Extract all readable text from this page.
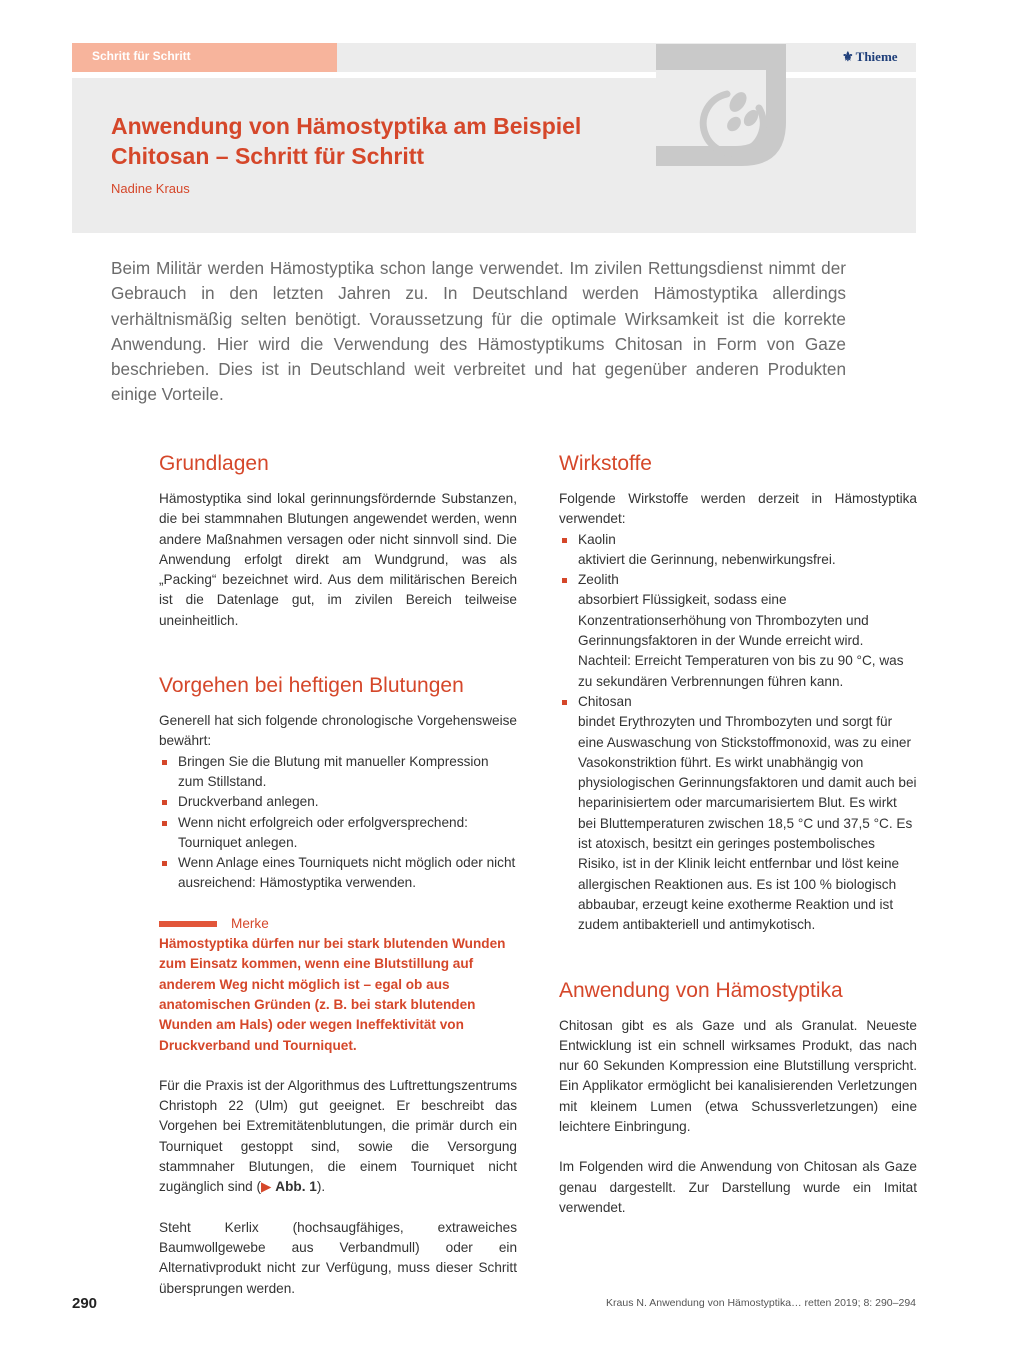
Schritt für Schritt	⚜ Thieme
Anwendung von Hämostyptika am Beispiel Chitosan – Schritt für Schritt
Nadine Kraus

Beim Militär werden Hämostyptika schon lange verwendet. Im zivilen Rettungsdienst nimmt der Gebrauch in den letzten Jahren zu. In Deutschland werden Hämostyptika allerdings verhältnismäßig selten benötigt. Voraussetzung für die optimale Wirksamkeit ist die korrekte Anwendung. Hier wird die Verwendung des Hämostyptikums Chitosan in Form von Gaze beschrieben. Dies ist in Deutschland weit verbreitet und hat gegenüber anderen Produkten einige Vorteile.

Grundlagen

Hämostyptika sind lokal gerinnungsfördernde Substanzen, die bei stammnahen Blutungen angewendet werden, wenn andere Maßnahmen versagen oder nicht sinnvoll sind. Die Anwendung erfolgt direkt am Wundgrund, was als „Packing“ bezeichnet wird. Aus dem militärischen Bereich ist die Datenlage gut, im zivilen Bereich teilweise uneinheitlich.

Vorgehen bei heftigen Blutungen

Generell hat sich folgende chronologische Vorgehensweise bewährt:

Bringen Sie die Blutung mit manueller Kompression zum Stillstand.
Druckverband anlegen.
Wenn nicht erfolgreich oder erfolgversprechend: Tourniquet anlegen.
Wenn Anlage eines Tourniquets nicht möglich oder nicht ausreichend: Hämostyptika verwenden.
Merke

Hämostyptika dürfen nur bei stark blutenden Wunden zum Einsatz kommen, wenn eine Blutstillung auf anderem Weg nicht möglich ist – egal ob aus anatomischen Gründen (z. B. bei stark blutenden Wunden am Hals) oder wegen Ineffektivität von Druckverband und Tourniquet.

Für die Praxis ist der Algorithmus des Luftrettungszentrums Christoph 22 (Ulm) gut geeignet. Er beschreibt das Vorgehen bei Extremitätenblutungen, die primär durch ein Tourniquet gestoppt sind, sowie die Versorgung stammnaher Blutungen, die einem Tourniquet nicht zugänglich sind (▶ Abb. 1).

Steht Kerlix (hochsaugfähiges, extraweiches Baumwollgewebe aus Verbandmull) oder ein Alternativprodukt nicht zur Verfügung, muss dieser Schritt übersprungen werden.

Wirkstoffe

Folgende Wirkstoffe werden derzeit in Hämostyptika verwendet:

Kaolin
aktiviert die Gerinnung, nebenwirkungsfrei.
Zeolith
absorbiert Flüssigkeit, sodass eine Konzentrationserhöhung von Thrombozyten und Gerinnungsfaktoren in der Wunde erreicht wird. Nachteil: Erreicht Temperaturen von bis zu 90 °C, was zu sekundären Verbrennungen führen kann.
Chitosan
bindet Erythrozyten und Thrombozyten und sorgt für eine Auswaschung von Stickstoffmonoxid, was zu einer Vasokonstriktion führt. Es wirkt unabhängig von physiologischen Gerinnungsfaktoren und damit auch bei heparinisiertem oder marcumarisiertem Blut. Es wirkt bei Bluttemperaturen zwischen 18,5 °C und 37,5 °C. Es ist atoxisch, besitzt ein geringes postembolisches Risiko, ist in der Klinik leicht entfernbar und löst keine allergischen Reaktionen aus. Es ist 100 % biologisch abbaubar, erzeugt keine exotherme Reaktion und ist zudem antibakteriell und antimykotisch.
Anwendung von Hämostyptika

Chitosan gibt es als Gaze und als Granulat. Neueste Entwicklung ist ein schnell wirksames Produkt, das nach nur 60 Sekunden Kompression eine Blutstillung verspricht. Ein Applikator ermöglicht bei kanalisierenden Verletzungen mit kleinem Lumen (etwa Schussverletzungen) eine leichtere Einbringung.

Im Folgenden wird die Anwendung von Chitosan als Gaze genau dargestellt. Zur Darstellung wurde ein Imitat verwendet.

290	Kraus N. Anwendung von Hämostyptika… retten 2019; 8: 290–294
